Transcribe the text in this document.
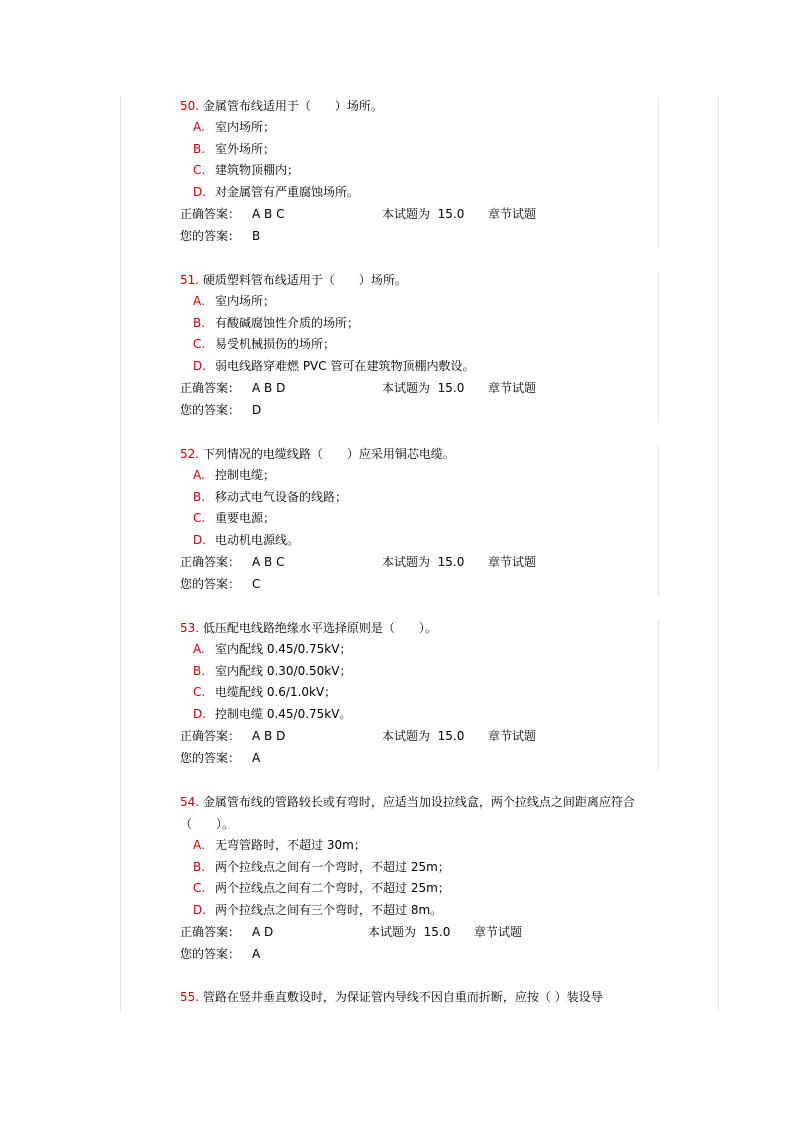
50. 金属管布线适用于（　　）场所。
A. 室内场所；
B. 室外场所；
C. 建筑物顶棚内；
D. 对金属管有严重腐蚀场所。
正确答案： A B C	本试题为 15.0 章节试题
您的答案： B
51. 硬质塑料管布线适用于（　　）场所。
A. 室内场所；
B. 有酸碱腐蚀性介质的场所；
C. 易受机械损伤的场所；
D. 弱电线路穿难燃 PVC 管可在建筑物顶棚内敷设。
正确答案： A B D	本试题为 15.0 章节试题
您的答案： D
52. 下列情况的电缆线路（　　）应采用铜芯电缆。
A. 控制电缆；
B. 移动式电气设备的线路；
C. 重要电源；
D. 电动机电源线。
正确答案： A B C	本试题为 15.0 章节试题
您的答案： C
53. 低压配电线路绝缘水平选择原则是（　　）。
A. 室内配线 0.45/0.75kV；
B. 室内配线 0.30/0.50kV；
C. 电缆配线 0.6/1.0kV；
D. 控制电缆 0.45/0.75kV。
正确答案： A B D	本试题为 15.0 章节试题
您的答案： A
54. 金属管布线的管路较长或有弯时，应适当加设拉线盒，两个拉线点之间距离应符合（　　）。
A. 无弯管路时，不超过 30m；
B. 两个拉线点之间有一个弯时，不超过 25m；
C. 两个拉线点之间有二个弯时，不超过 25m；
D. 两个拉线点之间有三个弯时，不超过 8m。
正确答案： A D	本试题为 15.0 章节试题
您的答案： A
55. 管路在竖井垂直敷设时，为保证管内导线不因自重而折断，应按（ ）装设导
